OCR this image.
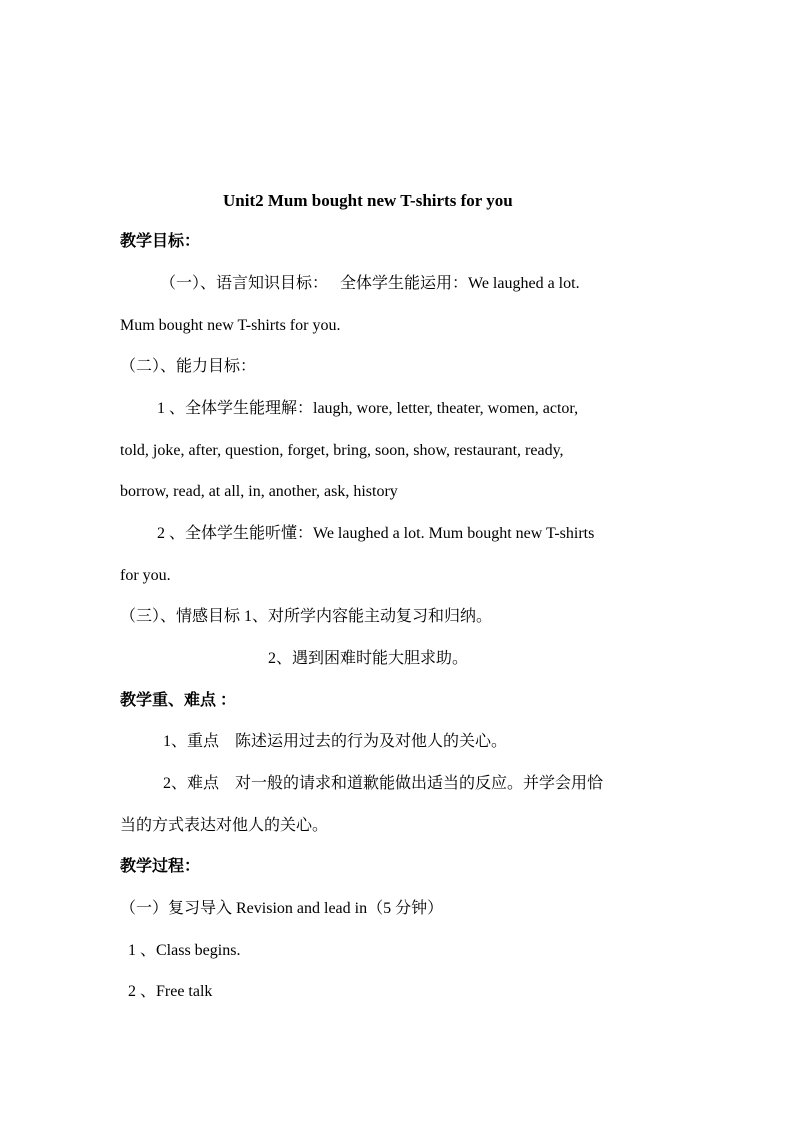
Unit2 Mum bought new T-shirts for you
教学目标：
（一）、语言知识目标：　 全体学生能运用：We laughed a lot.
Mum bought new T-shirts for you.
（二）、能力目标：
1 、全体学生能理解：laugh, wore, letter, theater, women, actor,
told, joke, after, question, forget, bring, soon, show, restaurant, ready,
borrow, read, at all, in, another, ask, history
2 、全体学生能听懂：We laughed a lot. Mum bought new T-shirts
for you.
（三）、情感目标 1、对所学内容能主动复习和归纳。
2、遇到困难时能大胆求助。
教学重、难点 ：
1、重点　陈述运用过去的行为及对他人的关心。
2、难点　对一般的请求和道歉能做出适当的反应。并学会用恰
当的方式表达对他人的关心。
教学过程：
（一）复习导入 Revision and lead in（5 分钟）
1 、Class begins.
2 、Free talk
